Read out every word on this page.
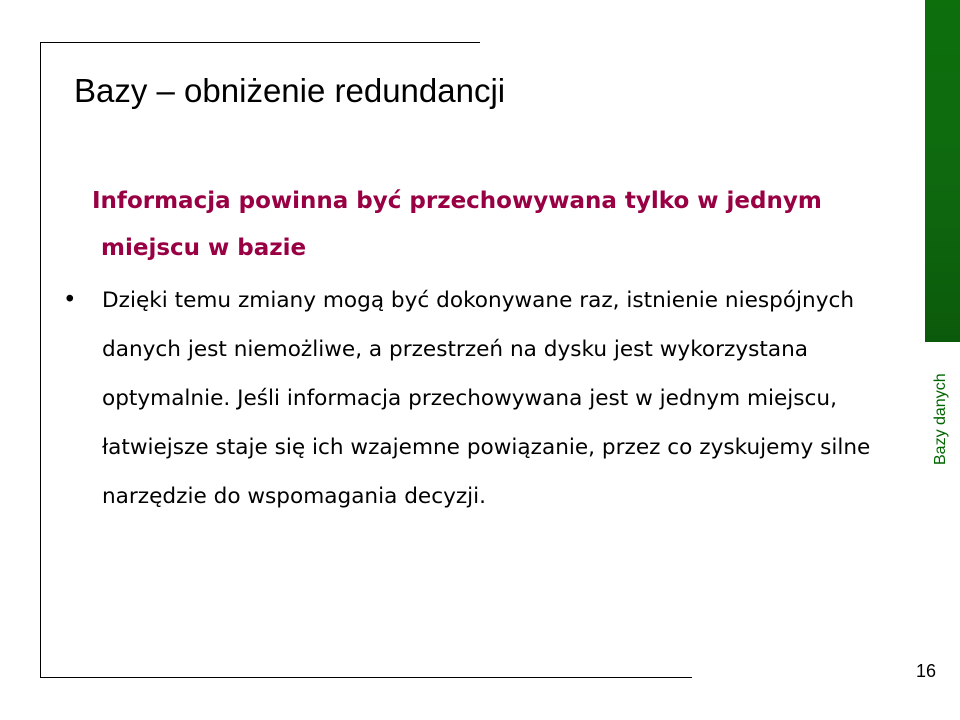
Bazy danych
Bazy – obniżenie redundancji
Informacja powinna być przechowywana tylko w jednym miejscu w bazie
• Dzięki temu zmiany mogą być dokonywane raz, istnienie niespójnych danych jest niemożliwe, a przestrzeń na dysku jest wykorzystana optymalnie. Jeśli informacja przechowywana jest w jednym miejscu, łatwiejsze staje się ich wzajemne powiązanie, przez co zyskujemy silne narzędzie do wspomagania decyzji.
16
